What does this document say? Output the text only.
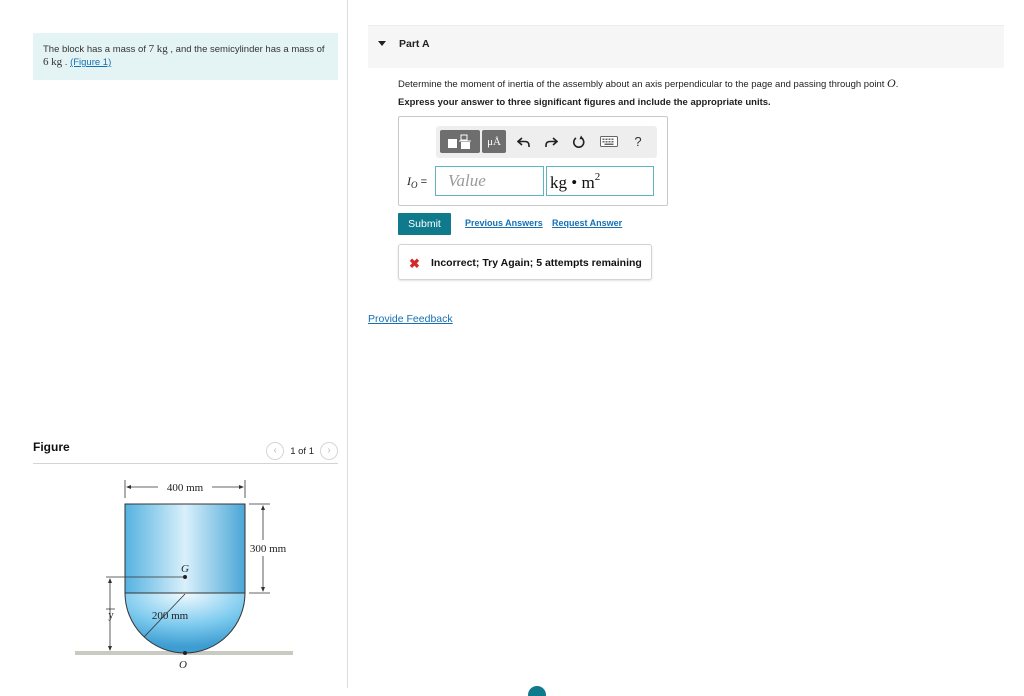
The block has a mass of 7 kg , and the semicylinder has a mass of 6 kg . (Figure 1)
Figure	‹ 1 of 1 ›
400 mm
300 mm
G
y	200 mm
O
Part A
Determine the moment of inertia of the assembly about an axis perpendicular to the page and passing through point O.
Express your answer to three significant figures and include the appropriate units.
μÅ	?
$I_O$ =	Value	kg • $m^2$
Submit	Previous Answers Request Answer
✖ Incorrect; Try Again; 5 attempts remaining
Provide Feedback
